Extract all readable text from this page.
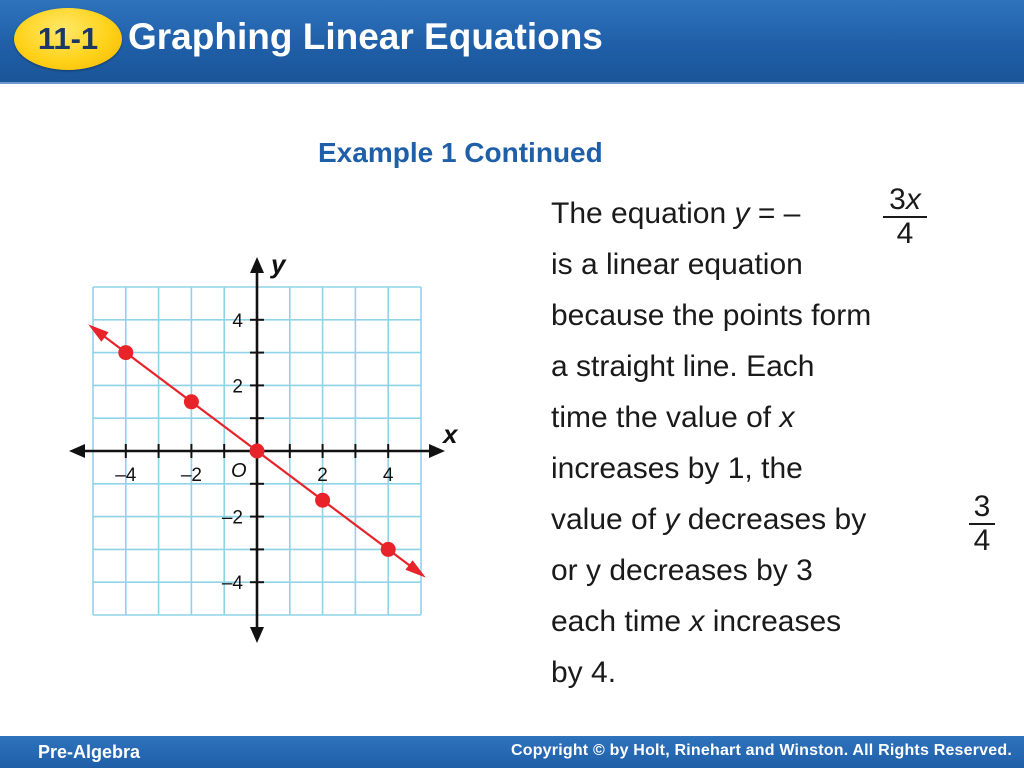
11-1 Graphing Linear Equations
Example 1 Continued
–4 –2	2	4
–4
–2
2
4
x
y
O
The equation y = –	3x
4
is a linear equation
because the points form
a straight line. Each
time the value of x
increases by 1, the
value of y decreases by	3
4
or y decreases by 3
each time x increases
by 4.
Pre-Algebra	Copyright © by Holt, Rinehart and Winston. All Rights Reserved.
